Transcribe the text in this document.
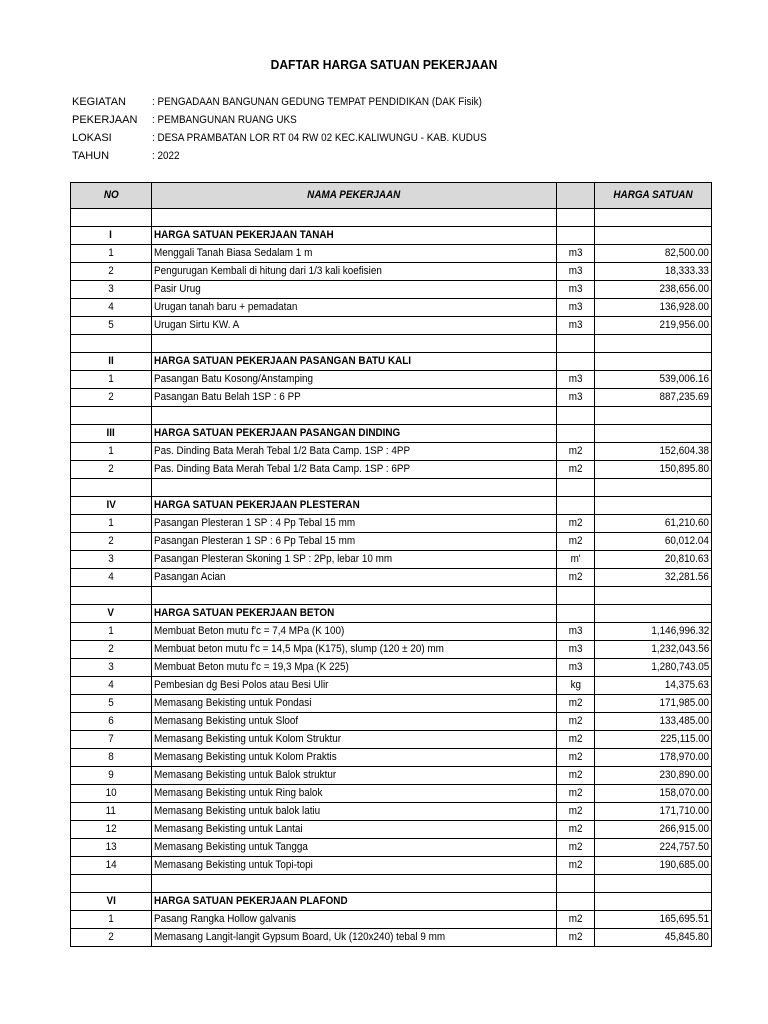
DAFTAR HARGA SATUAN PEKERJAAN
KEGIATAN	: PENGADAAN BANGUNAN GEDUNG TEMPAT PENDIDIKAN (DAK Fisik)
PEKERJAAN	: PEMBANGUNAN RUANG UKS
LOKASI	: DESA PRAMBATAN LOR RT 04 RW 02 KEC.KALIWUNGU - KAB. KUDUS
TAHUN	: 2022
NO	NAMA PEKERJAAN		HARGA SATUAN

I	HARGA SATUAN PEKERJAAN TANAH		
1	Menggali Tanah Biasa Sedalam 1 m	m3	82,500.00
2	Pengurugan Kembali di hitung dari 1/3 kali koefisien	m3	18,333.33
3	Pasir Urug	m3	238,656.00
4	Urugan tanah baru + pemadatan	m3	136,928.00
5	Urugan Sirtu KW. A	m3	219,956.00

II	HARGA SATUAN PEKERJAAN PASANGAN BATU KALI		
1	Pasangan Batu Kosong/Anstamping	m3	539,006.16
2	Pasangan Batu Belah 1SP : 6 PP	m3	887,235.69

III	HARGA SATUAN PEKERJAAN PASANGAN DINDING		
1	Pas. Dinding Bata Merah Tebal 1/2 Bata Camp. 1SP : 4PP	m2	152,604.38
2	Pas. Dinding Bata Merah Tebal 1/2 Bata Camp. 1SP : 6PP	m2	150,895.80

IV	HARGA SATUAN PEKERJAAN PLESTERAN		
1	Pasangan Plesteran 1 SP : 4 Pp Tebal 15 mm	m2	61,210.60
2	Pasangan Plesteran 1 SP : 6 Pp Tebal 15 mm	m2	60,012.04
3	Pasangan Plesteran Skoning 1 SP : 2Pp, lebar 10 mm	m'	20,810.63
4	Pasangan Acian	m2	32,281.56

V	HARGA SATUAN PEKERJAAN BETON		
1	Membuat Beton mutu f'c = 7,4 MPa (K 100)	m3	1,146,996.32
2	Membuat beton mutu f'c = 14,5 Mpa (K175), slump (120 ± 20) mm	m3	1,232,043.56
3	Membuat Beton mutu f'c = 19,3 Mpa (K 225)	m3	1,280,743.05
4	Pembesian dg Besi Polos atau Besi Ulir	kg	14,375.63
5	Memasang Bekisting untuk Pondasi	m2	171,985.00
6	Memasang Bekisting untuk Sloof	m2	133,485.00
7	Memasang Bekisting untuk Kolom Struktur	m2	225,115.00
8	Memasang Bekisting untuk Kolom Praktis	m2	178,970.00
9	Memasang Bekisting untuk Balok struktur	m2	230,890.00
10	Memasang Bekisting untuk Ring balok	m2	158,070.00
11	Memasang Bekisting untuk balok latiu	m2	171,710.00
12	Memasang Bekisting untuk Lantai	m2	266,915.00
13	Memasang Bekisting untuk Tangga	m2	224,757.50
14	Memasang Bekisting untuk Topi-topi	m2	190,685.00

VI	HARGA SATUAN PEKERJAAN PLAFOND		
1	Pasang Rangka Hollow galvanis	m2	165,695.51
2	Memasang Langit-langit Gypsum Board, Uk (120x240) tebal 9 mm	m2	45,845.80
